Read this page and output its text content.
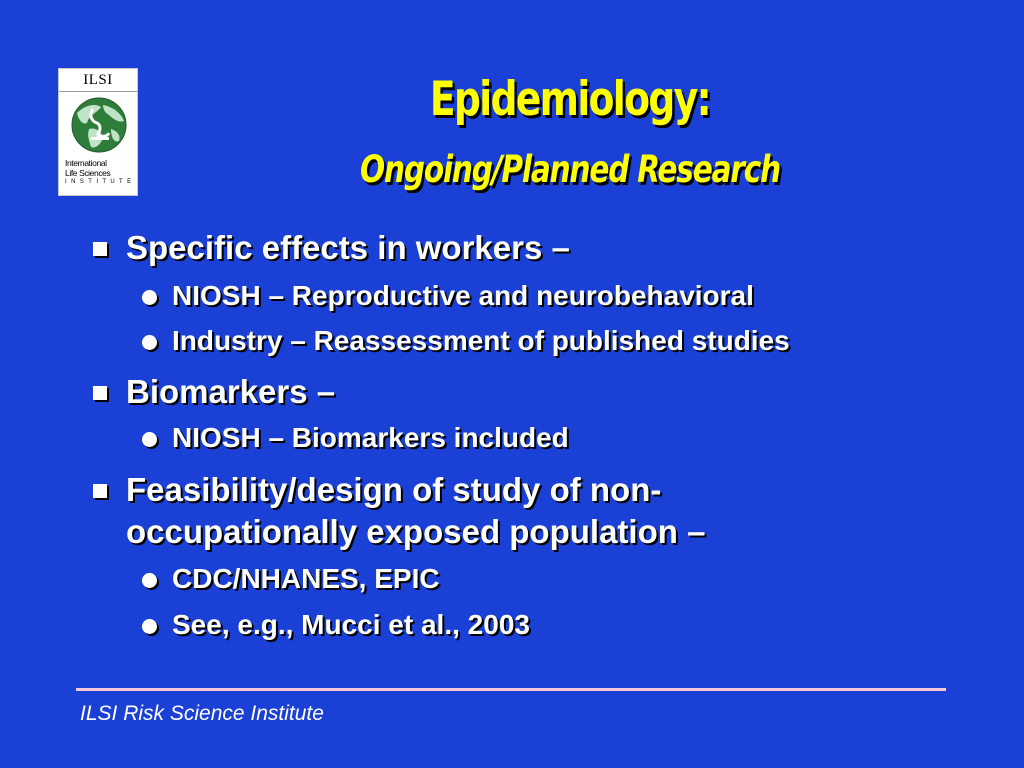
ILSI
International
Life Sciences
I N S T I T U T E
Epidemiology:
Ongoing/Planned Research
Specific effects in workers –
NIOSH – Reproductive and neurobehavioral
Industry – Reassessment of published studies
Biomarkers –
NIOSH – Biomarkers included
Feasibility/design of study of non-
occupationally exposed population –
CDC/NHANES, EPIC
See, e.g., Mucci et al., 2003
ILSI Risk Science Institute
